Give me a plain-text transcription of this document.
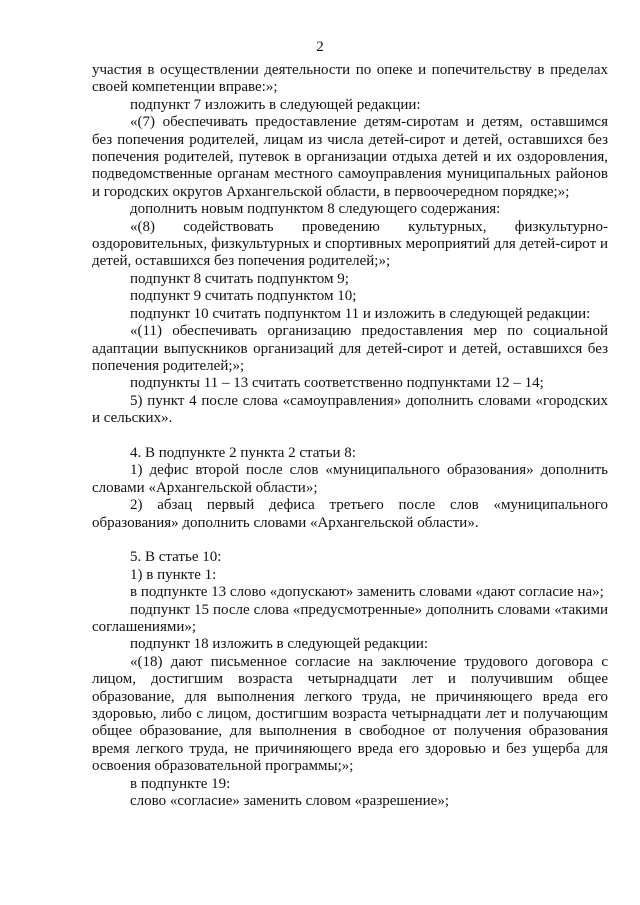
2

участия в осуществлении деятельности по опеке и попечительству в пределах своей компетенции вправе:»;

подпункт 7 изложить в следующей редакции:

«(7) обеспечивать предоставление детям-сиротам и детям, оставшимся без попечения родителей, лицам из числа детей-сирот и детей, оставшихся без попечения родителей, путевок в организации отдыха детей и их оздоровления, подведомственные органам местного самоуправления муниципальных районов и городских округов Архангельской области, в первоочередном порядке;»;

дополнить новым подпунктом 8 следующего содержания:

«(8) содействовать проведению культурных, физкультурно-оздоровительных, физкультурных и спортивных мероприятий для детей-сирот и детей, оставшихся без попечения родителей;»;

подпункт 8 считать подпунктом 9;

подпункт 9 считать подпунктом 10;

подпункт 10 считать подпунктом 11 и изложить в следующей редакции:

«(11) обеспечивать организацию предоставления мер по социальной адаптации выпускников организаций для детей-сирот и детей, оставшихся без попечения родителей;»;

подпункты 11 – 13 считать соответственно подпунктами 12 – 14;

5) пункт 4 после слова «самоуправления» дополнить словами «городских и сельских».

4. В подпункте 2 пункта 2 статьи 8:

1) дефис второй после слов «муниципального образования» дополнить словами «Архангельской области»;

2) абзац первый дефиса третьего после слов «муниципального образования» дополнить словами «Архангельской области».

5. В статье 10:

1) в пункте 1:

в подпункте 13 слово «допускают» заменить словами «дают согласие на»;

подпункт 15 после слова «предусмотренные» дополнить словами «такими соглашениями»;

подпункт 18 изложить в следующей редакции:

«(18) дают письменное согласие на заключение трудового договора с лицом, достигшим возраста четырнадцати лет и получившим общее образование, для выполнения легкого труда, не причиняющего вреда его здоровью, либо с лицом, достигшим возраста четырнадцати лет и получающим общее образование, для выполнения в свободное от получения образования время легкого труда, не причиняющего вреда его здоровью и без ущерба для освоения образовательной программы;»;

в подпункте 19:

слово «согласие» заменить словом «разрешение»;
